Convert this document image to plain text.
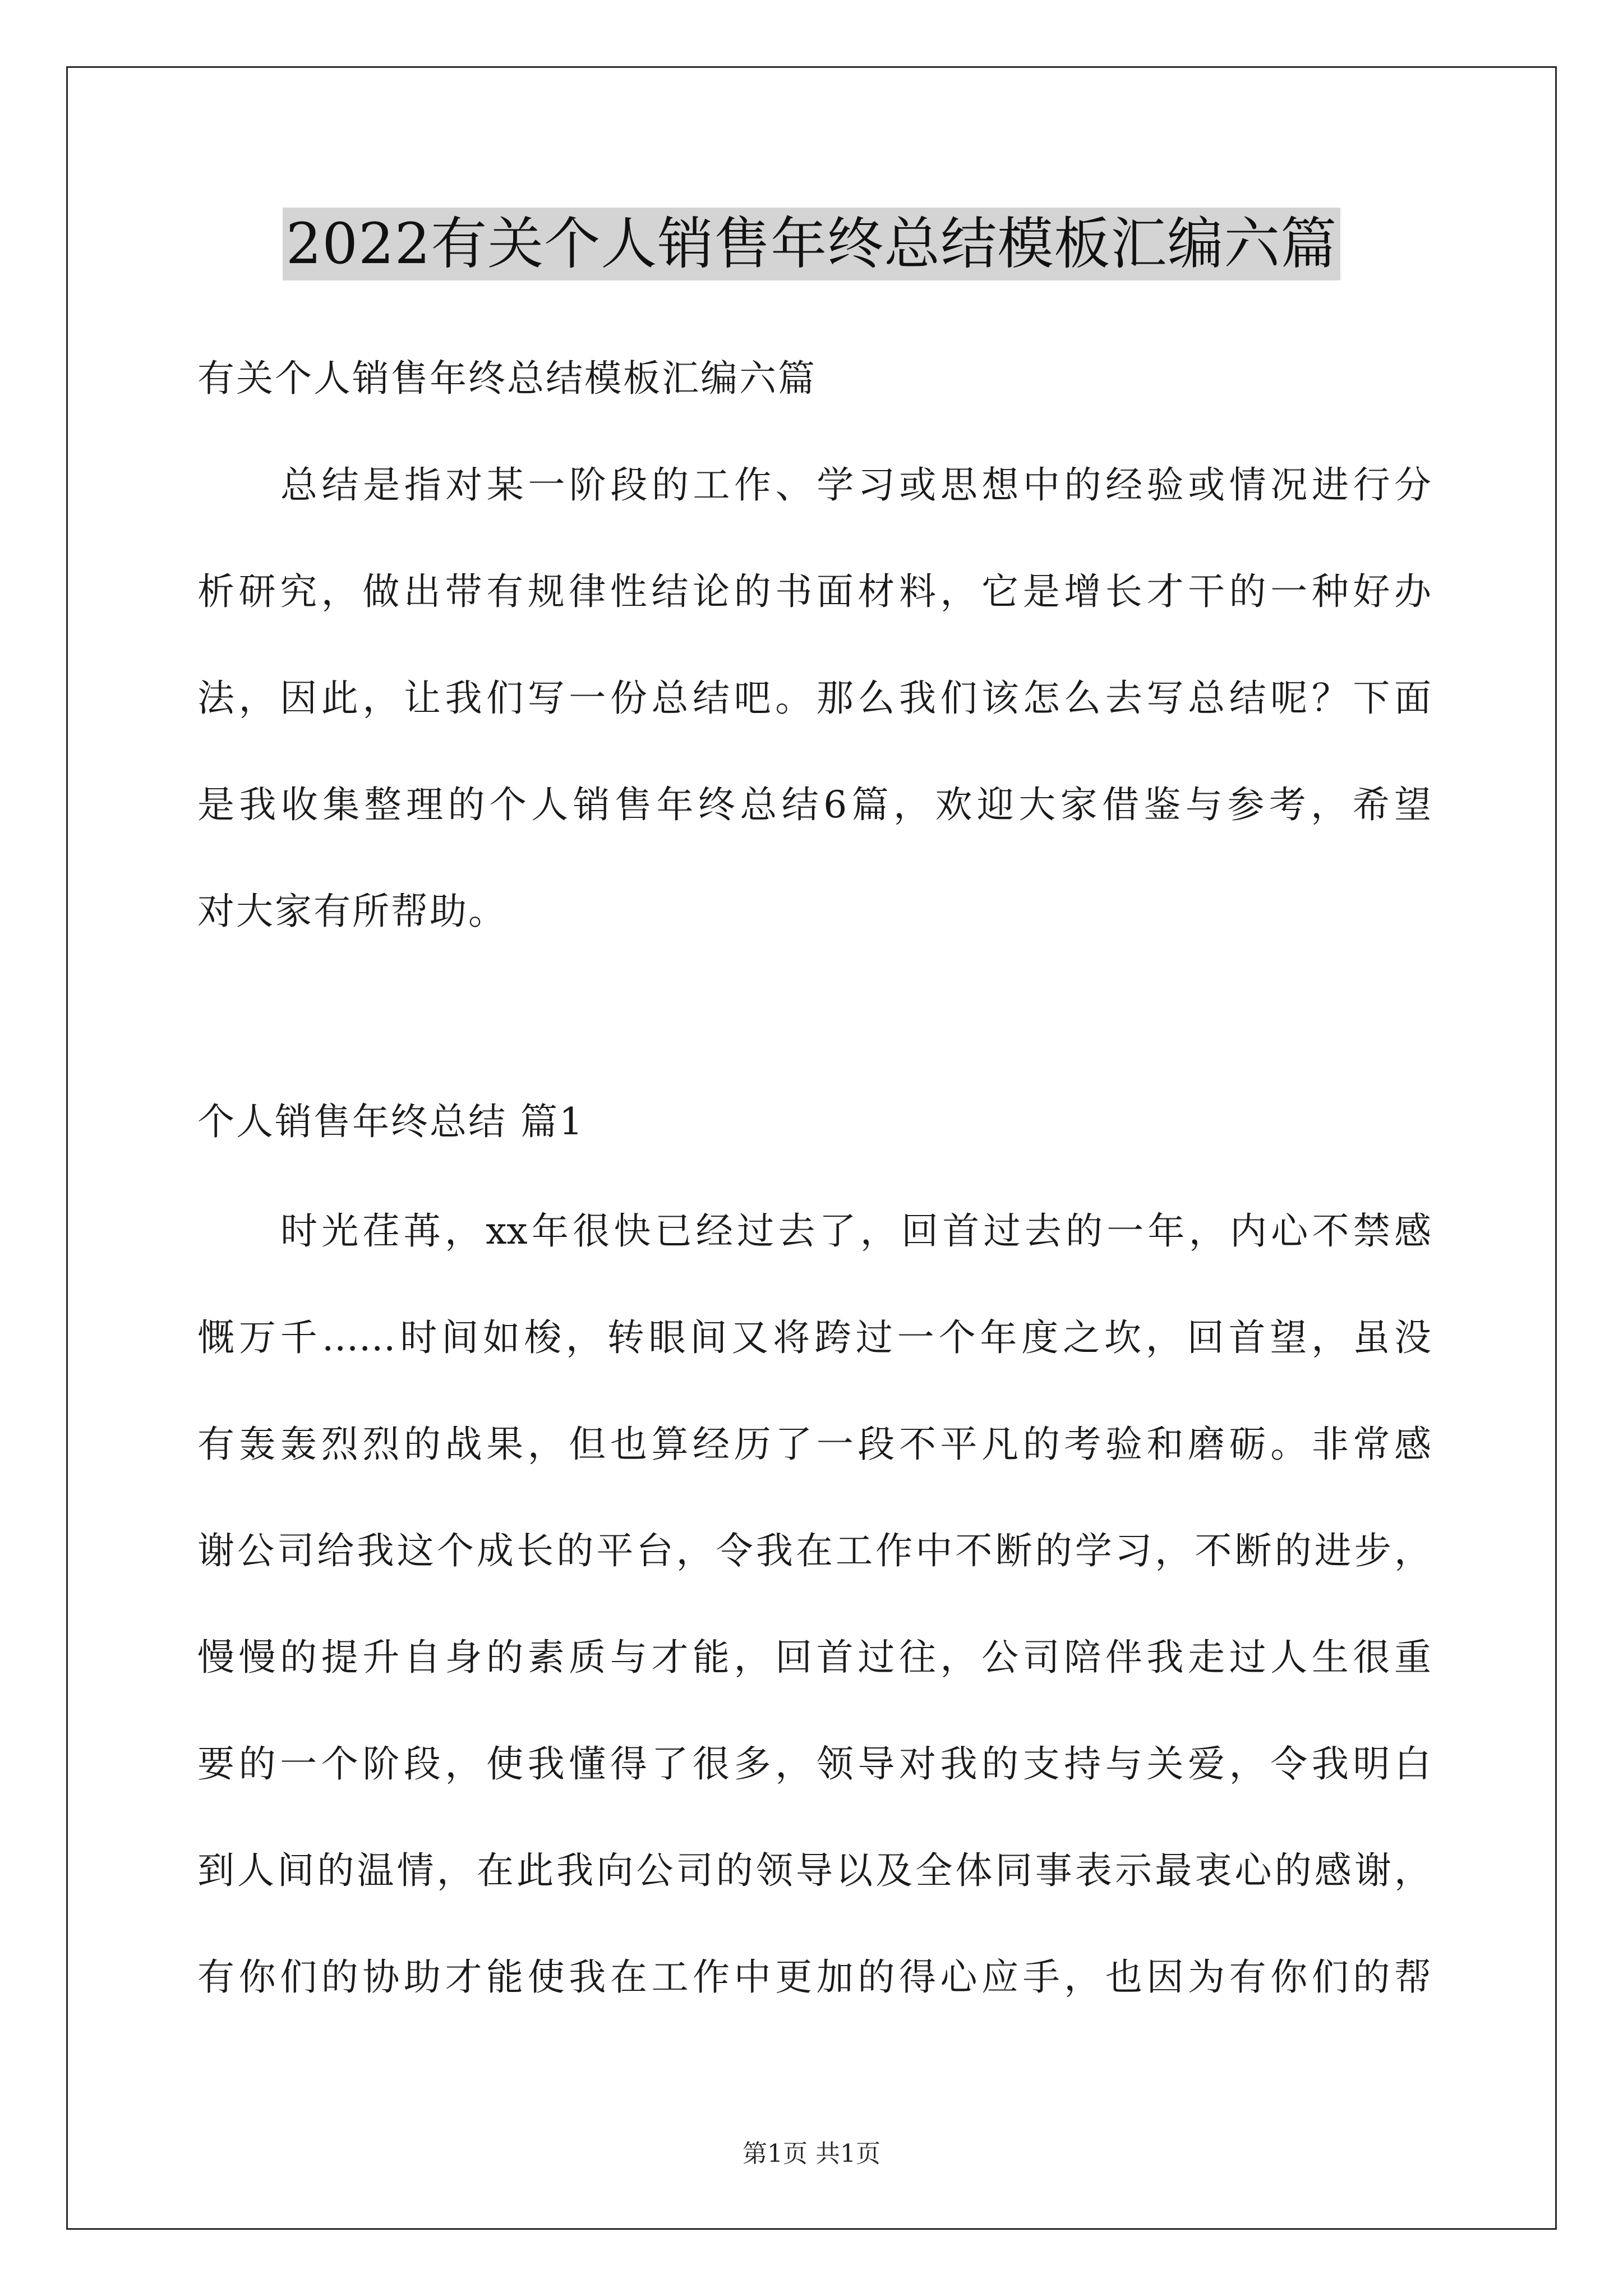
2022有关个人销售年终总结模板汇编六篇
有关个人销售年终总结模板汇编六篇
总结是指对某一阶段的工作、学习或思想中的经验或情况进行分
析研究，做出带有规律性结论的书面材料，它是增长才干的一种好办
法，因此，让我们写一份总结吧。那么我们该怎么去写总结呢？下面
是我收集整理的个人销售年终总结6篇，欢迎大家借鉴与参考，希望
对大家有所帮助。
个人销售年终总结 篇1
时光荏苒，xx年很快已经过去了，回首过去的一年，内心不禁感
慨万千……时间如梭，转眼间又将跨过一个年度之坎，回首望，虽没
有轰轰烈烈的战果，但也算经历了一段不平凡的考验和磨砺。非常感
谢公司给我这个成长的平台，令我在工作中不断的学习，不断的进步，
慢慢的提升自身的素质与才能，回首过往，公司陪伴我走过人生很重
要的一个阶段，使我懂得了很多，领导对我的支持与关爱，令我明白
到人间的温情，在此我向公司的领导以及全体同事表示最衷心的感谢，
有你们的协助才能使我在工作中更加的得心应手，也因为有你们的帮
第1页 共1页
